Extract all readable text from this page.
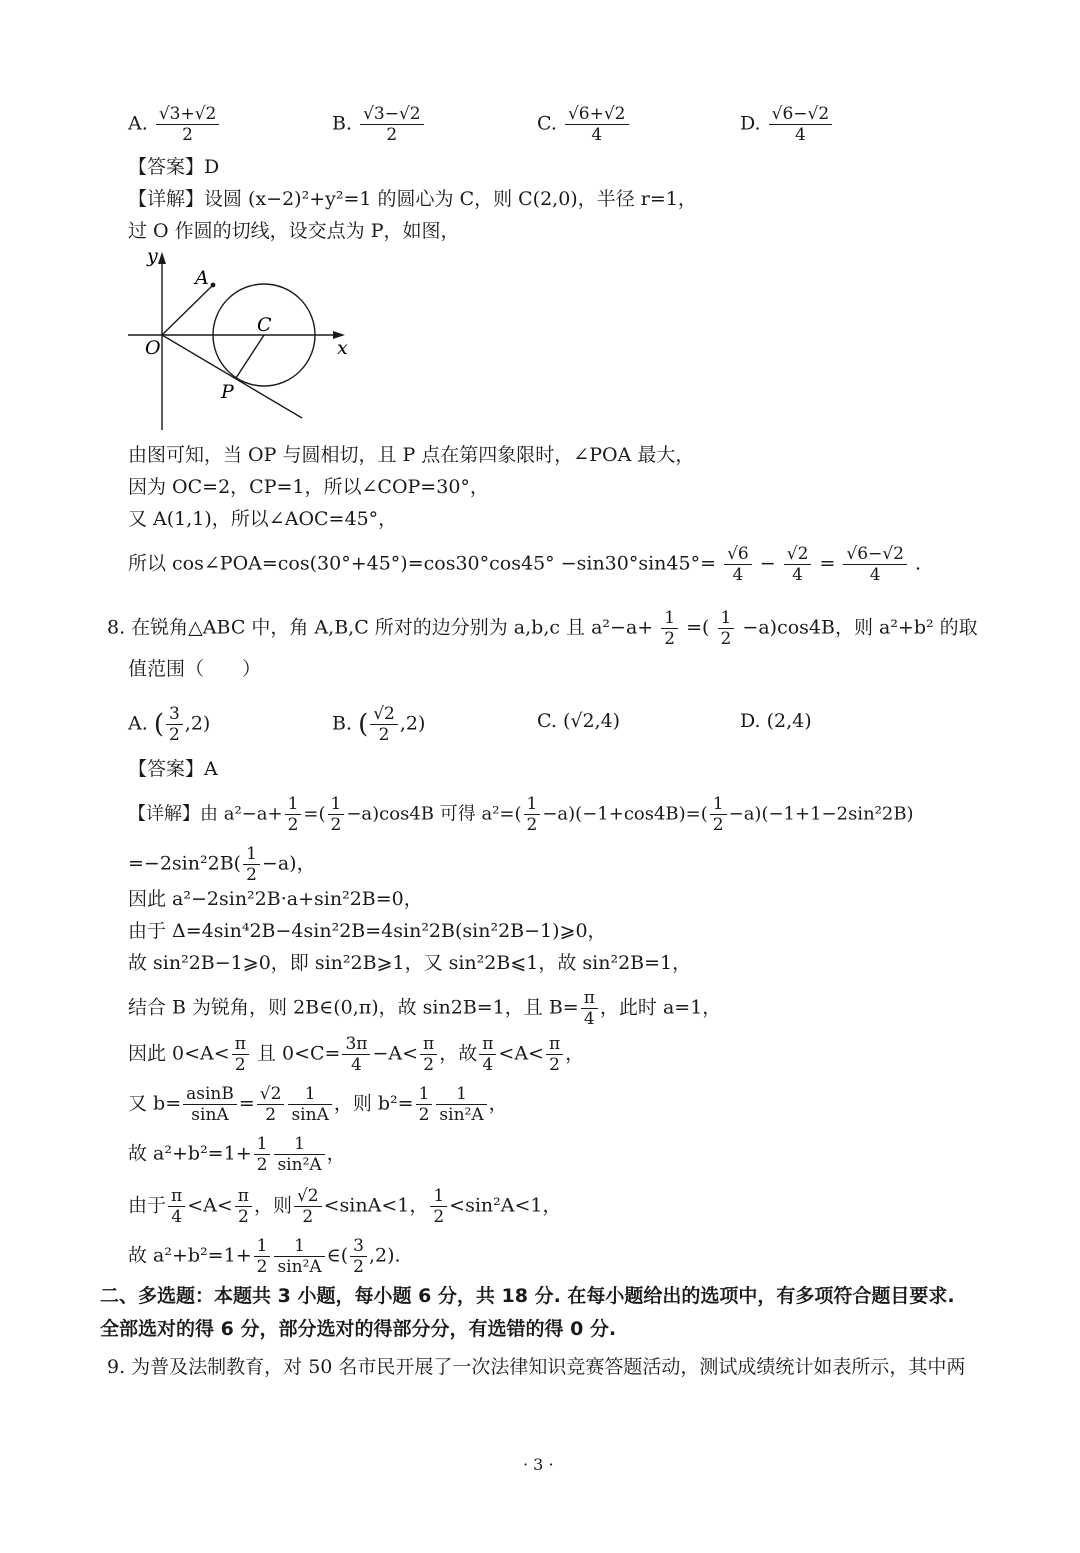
A. $\frac{√3+√2}{2}$	B. $\frac{√3-√2}{2}$	C. $\frac{√6+√2}{4}$	D. $\frac{√6-√2}{4}$
【答案】D
【详解】设圆 (x−2)²+y²=1 的圆心为 C，则 C(2,0)，半径 r=1，
过 O 作圆的切线，设交点为 P，如图，
y
x
O
A
C
P
由图可知，当 OP 与圆相切，且 P 点在第四象限时，∠POA 最大，
因为 OC=2，CP=1，所以∠COP=30°，
又 A(1,1)，所以∠AOC=45°，
所以 cos∠POA=cos(30°+45°)=cos30°cos45° $-\sin 30^\circ\sin 45^\circ= \frac{√6}{4} - \frac{√2}{4} = \frac{√6-√2}{4}$ .
8. 在锐角△ABC 中，角 A,B,C 所对的边分别为 a,b,c 且 $a^2-a+ \frac{1}{2}$ =( $\frac{1}{2} -a)\cos 4B$，则 a²+b² 的取
值范围（　　）
A. ( $\frac{3}{2} ,2$)	B. ( $\frac{√2}{2} ,2$)	C. (√2,4)	D. (2,4)
【答案】A
【详解】由 $a^2-a+ \frac{1}{2}$ =( $\frac{1}{2} -a)\cos 4B$ 可得 $a^2=( \frac{1}{2} -a)(-1+\cos 4B)=( \frac{1}{2} -a)(-1+1-2\sin^22B)$
$=-2\sin^22B( \frac{1}{2} -a)$，
因此 a²−2sin²2B·a+sin²2B=0，
由于 Δ=4sin⁴2B−4sin²2B=4sin²2B(sin²2B−1)⩾0，
故 sin²2B−1⩾0，即 sin²2B⩾1，又 sin²2B⩽1，故 sin²2B=1，
结合 B 为锐角，则 2B∈(0,π)，故 sin2B=1，且 $B= \frac{\pi}{4}$ ，此时 a=1，
因此 $0<A< \frac{\pi}{2}$ 且 $0<C= \frac{3\pi}{4} -A< \frac{\pi}{2}$ ，故 $\frac{\pi}{4} <A< \frac{\pi}{2}$ ，
又 $b= \frac{asinB}{\sin A} = \frac{√2}{2} \frac{1}{\sin A}$ ，则 $b^2= \frac{1}{2} \frac{1}{\text{sin²A}}$ ，
故 $a^2+b^2=1+ \frac{1}{2} \frac{1}{\text{sin²A}}$ ，
由于 $\frac{\pi}{4} <A< \frac{\pi}{2}$ ，则 $\frac{√2}{2} <\sin A<1$， $\frac{1}{2} <\sin^2A<1$，
故 $a^2+b^2=1+ \frac{1}{2} \frac{1}{\text{sin²A}}$ ∈( $\frac{3}{2} ,2$).
二、多选题：本题共 3 小题，每小题 6 分，共 18 分. 在每小题给出的选项中，有多项符合题目要求.
全部选对的得 6 分，部分选对的得部分分，有选错的得 0 分.
9. 为普及法制教育，对 50 名市民开展了一次法律知识竞赛答题活动，测试成绩统计如表所示，其中两
· 3 ·
